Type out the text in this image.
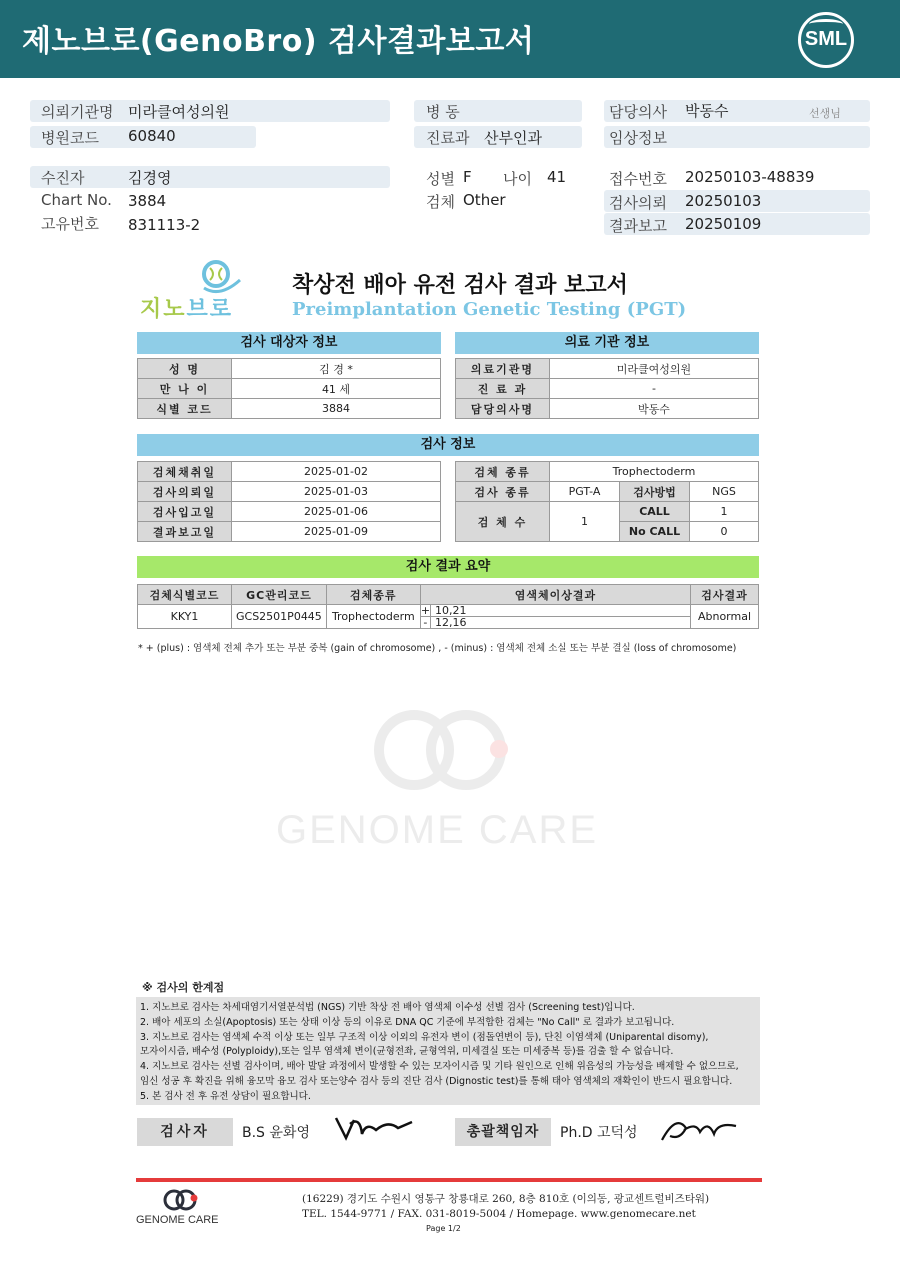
제노브로(GenoBro) 검사결과보고서	SML
의뢰기관명 미라클여성의원	병 동	담당의사 박동수	선생님
병원코드 60840	진료과 산부인과	임상정보
수진자	김경영	성별 F 나이 41	접수번호 20250103-48839
Chart No. 3884	검체 Other	검사의뢰 20250103
고유번호 831113-2	결과보고 20250109
지노브로
착상전 배아 유전 검사 결과 보고서
Preimplantation Genetic Testing (PGT)
검사 대상자 정보
성 명	김 경 *
만 나 이	41 세
식별 코드	3884
의료 기관 정보
의료기관명	미라클여성의원
진 료 과	-
담당의사명	박동수
검사 정보
검체채취일	2025-01-02
검사의뢰일	2025-01-03
검사입고일	2025-01-06
결과보고일	2025-01-09
검체 종류	Trophectoderm		
검사 종류	PGT-A	검사방법	NGS
검 체 수	1	CALL	1
		No CALL	0
검사 결과 요약
검체식별코드	GC관리코드	검체종류	염색체이상결과		검사결과
KKY1	GCS2501P0445	Trophectoderm	+	10,21	Abnormal
			-	12,16	
* + (plus) : 염색체 전체 추가 또는 부분 중복 (gain of chromosome) , - (minus) : 염색체 전체 소실 또는 부분 결실 (loss of chromosome)
GENOME CARE
※ 검사의 한계점
1. 지노브로 검사는 차세대염기서열분석법 (NGS) 기반 착상 전 배아 염색체 이수성 선별 검사 (Screening test)입니다.
2. 배아 세포의 소실(Apoptosis) 또는 상태 이상 등의 이유로 DNA QC 기준에 부적합한 검체는 "No Call" 로 결과가 보고됩니다.
3. 지노브로 검사는 염색체 수적 이상 또는 일부 구조적 이상 이외의 유전자 변이 (점돌연변이 등), 단친 이염색체 (Uniparental disomy),
모자이시즘, 배수성 (Polyploidy),또는 일부 염색체 변이(균형전좌, 균형역위, 미세결실 또는 미세중복 등)를 검출 할 수 없습니다.
4. 지노브로 검사는 선별 검사이며, 배아 발달 과정에서 발생할 수 있는 모자이시즘 및 기타 원인으로 인해 위음성의 가능성을 배제할 수 없으므로,
임신 성공 후 확진을 위해 융모막 융모 검사 또는양수 검사 등의 진단 검사 (Dignostic test)를 통해 태아 염색체의 재확인이 반드시 필요합니다.
5. 본 검사 전 후 유전 상담이 필요합니다.
검사자	B.S 윤화영	총괄책임자	Ph.D 고덕성
GENOME CARE
(16229) 경기도 수원시 영통구 창룡대로 260, 8층 810호 (이의동, 광교센트럴비즈타워)
TEL. 1544-9771 / FAX. 031-8019-5004 / Homepage. www.genomecare.net
Page 1/2
